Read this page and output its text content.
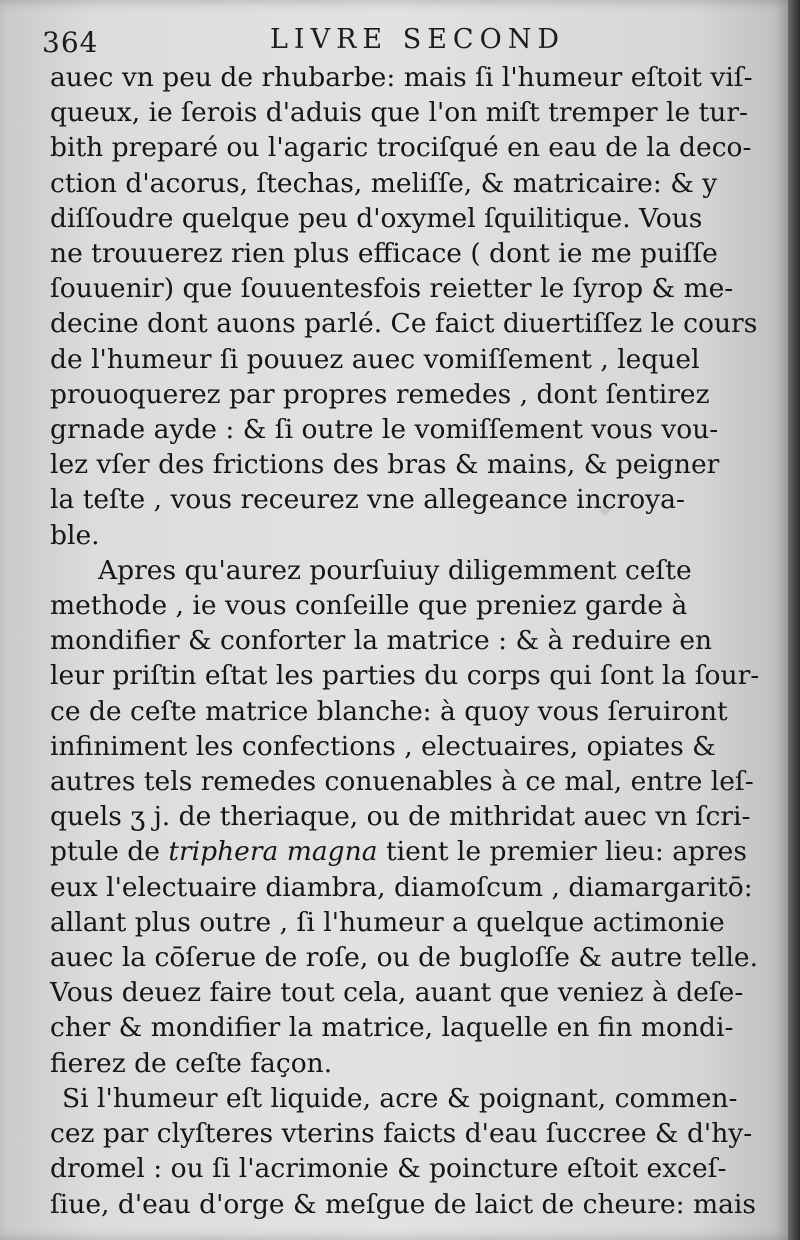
364	LIVRE SECOND
auec vn peu de rhubarbe: mais ſi l'humeur eſtoit viſ-
queux, ie ſerois d'aduis que l'on miſt tremper le tur-
bith preparé ou l'agaric trociſqué en eau de la deco-
ction d'acorus, ſtechas, meliſſe, & matricaire: & y
diſſoudre quelque peu d'oxymel ſquilitique. Vous
ne trouuerez rien plus efficace ( dont ie me puiſſe
ſouuenir) que ſouuentesfois reietter le ſyrop & me-
decine dont auons parlé. Ce faict diuertiſſez le cours
de l'humeur ſi pouuez auec vomiſſement , lequel
prouoquerez par propres remedes , dont ſentirez
grnade ayde : & ſi outre le vomiſſement vous vou-
lez vſer des frictions des bras & mains, & peigner
la teſte , vous receurez vne allegeance incroya-
ble.
Apres qu'aurez pourſuiuy diligemment ceſte
methode , ie vous conſeille que preniez garde à
mondifier & conforter la matrice : & à reduire en
leur priſtin eſtat les parties du corps qui ſont la ſour-
ce de ceſte matrice blanche: à quoy vous ſeruiront
infiniment les confections , electuaires, opiates &
autres tels remedes conuenables à ce mal, entre leſ-
quels ʒ j. de theriaque, ou de mithridat auec vn ſcri-
ptule de triphera magna tient le premier lieu: apres
eux l'electuaire diambra, diamoſcum , diamargaritō:
allant plus outre , ſi l'humeur a quelque actimonie
auec la cōſerue de roſe, ou de bugloſſe & autre telle.
Vous deuez faire tout cela, auant que veniez à deſe-
cher & mondifier la matrice, laquelle en fin mondi-
fierez de ceſte façon.
Si l'humeur eſt liquide, acre & poignant, commen-
cez par clyſteres vterins faicts d'eau ſuccree & d'hy-
dromel : ou ſi l'acrimonie & poincture eſtoit exceſ-
ſiue, d'eau d'orge & meſgue de laict de cheure: mais
